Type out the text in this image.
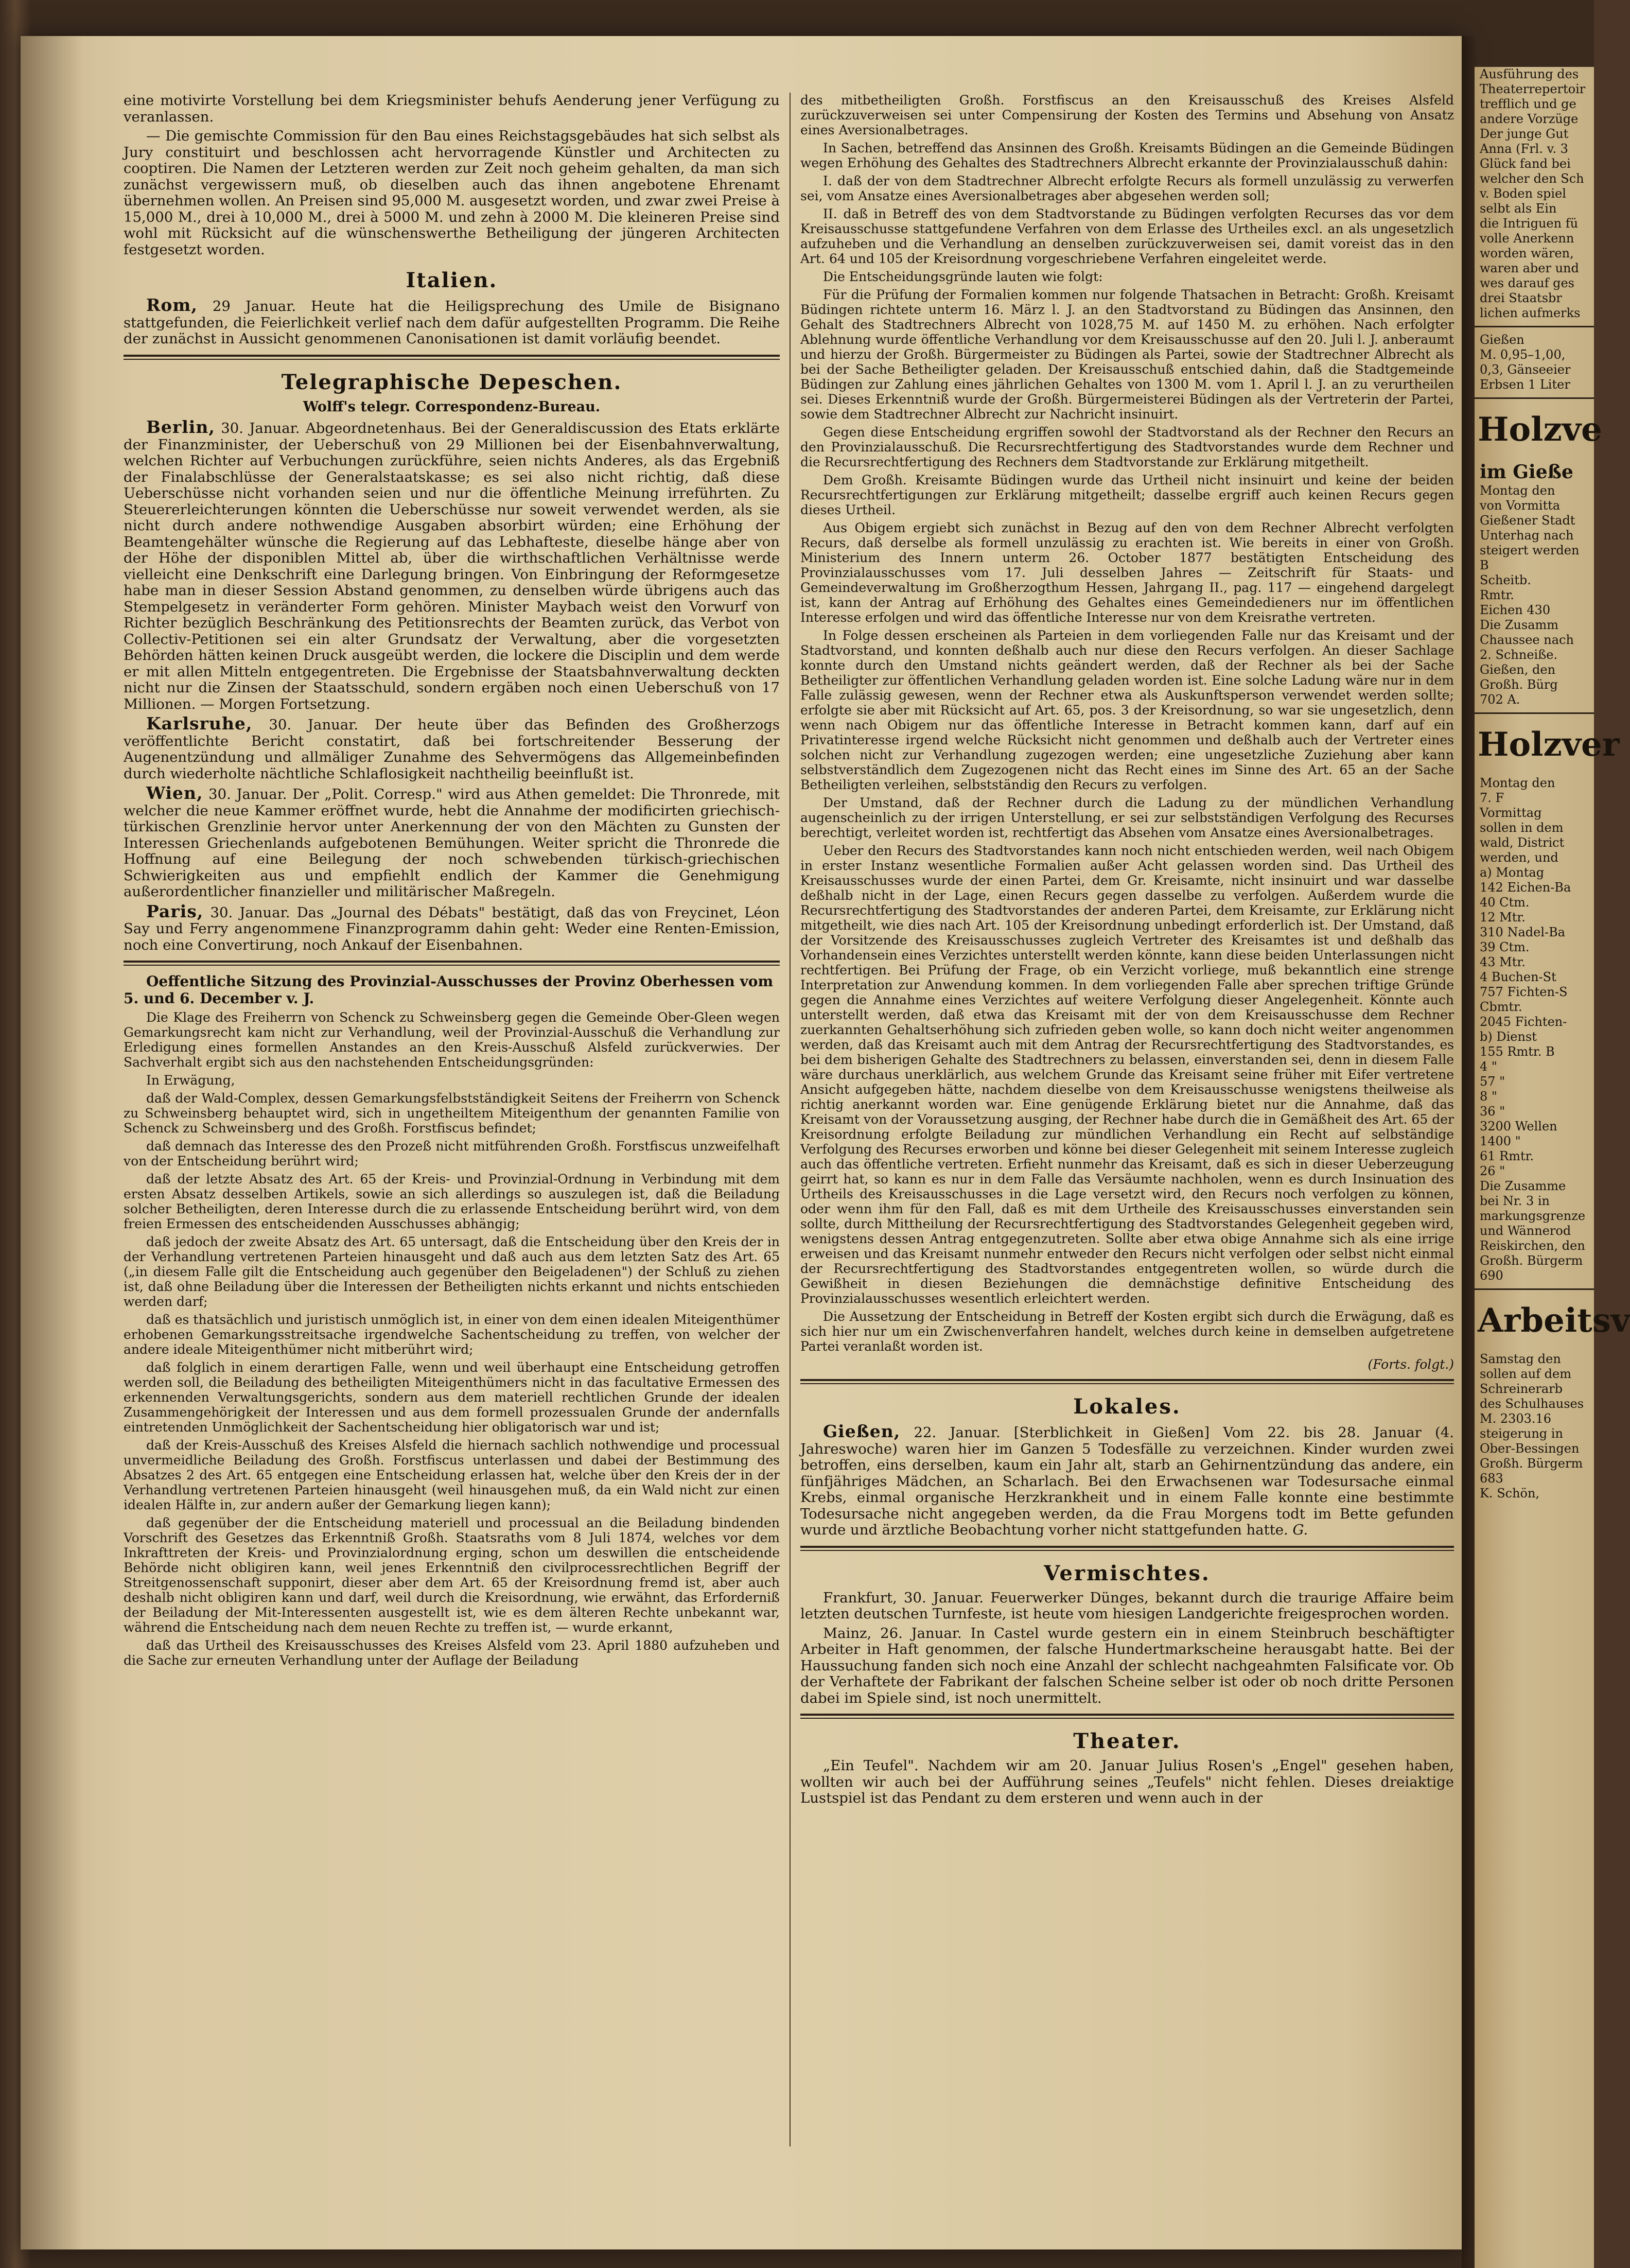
eine motivirte Vorstellung bei dem Kriegsminister behufs Aenderung jener Verfügung zu veranlassen.

— Die gemischte Commission für den Bau eines Reichstagsgebäudes hat sich selbst als Jury constituirt und beschlossen acht hervorragende Künstler und Architecten zu cooptiren. Die Namen der Letzteren werden zur Zeit noch geheim gehalten, da man sich zunächst vergewissern muß, ob dieselben auch das ihnen angebotene Ehrenamt übernehmen wollen. An Preisen sind 95,000 M. ausgesetzt worden, und zwar zwei Preise à 15,000 M., drei à 10,000 M., drei à 5000 M. und zehn à 2000 M. Die kleineren Preise sind wohl mit Rücksicht auf die wünschenswerthe Betheiligung der jüngeren Architecten festgesetzt worden.

Italien.

Rom, 29 Januar. Heute hat die Heiligsprechung des Umile de Bisignano stattgefunden, die Feierlichkeit verlief nach dem dafür aufgestellten Programm. Die Reihe der zunächst in Aussicht genommenen Canonisationen ist damit vorläufig beendet.

Telegraphische Depeschen.
Wolff's telegr. Correspondenz-Bureau.

Berlin, 30. Januar. Abgeordnetenhaus. Bei der Generaldiscussion des Etats erklärte der Finanzminister, der Ueberschuß von 29 Millionen bei der Eisenbahnverwaltung, welchen Richter auf Verbuchungen zurückführe, seien nichts Anderes, als das Ergebniß der Finalabschlüsse der Generalstaatskasse; es sei also nicht richtig, daß diese Ueberschüsse nicht vorhanden seien und nur die öffentliche Meinung irreführten. Zu Steuererleichterungen könnten die Ueberschüsse nur soweit verwendet werden, als sie nicht durch andere nothwendige Ausgaben absorbirt würden; eine Erhöhung der Beamtengehälter wünsche die Regierung auf das Lebhafteste, dieselbe hänge aber von der Höhe der disponiblen Mittel ab, über die wirthschaftlichen Verhältnisse werde vielleicht eine Denkschrift eine Darlegung bringen. Von Einbringung der Reformgesetze habe man in dieser Session Abstand genommen, zu denselben würde übrigens auch das Stempelgesetz in veränderter Form gehören. Minister Maybach weist den Vorwurf von Richter bezüglich Beschränkung des Petitionsrechts der Beamten zurück, das Verbot von Collectiv-Petitionen sei ein alter Grundsatz der Verwaltung, aber die vorgesetzten Behörden hätten keinen Druck ausgeübt werden, die lockere die Disciplin und dem werde er mit allen Mitteln entgegentreten. Die Ergebnisse der Staatsbahnverwaltung deckten nicht nur die Zinsen der Staatsschuld, sondern ergäben noch einen Ueberschuß von 17 Millionen. — Morgen Fortsetzung.

Karlsruhe, 30. Januar. Der heute über das Befinden des Großherzogs veröffentlichte Bericht constatirt, daß bei fortschreitender Besserung der Augenentzündung und allmäliger Zunahme des Sehvermögens das Allgemeinbefinden durch wiederholte nächtliche Schlaflosigkeit nachtheilig beeinflußt ist.

Wien, 30. Januar. Der „Polit. Corresp." wird aus Athen gemeldet: Die Thronrede, mit welcher die neue Kammer eröffnet wurde, hebt die Annahme der modificirten griechisch-türkischen Grenzlinie hervor unter Anerkennung der von den Mächten zu Gunsten der Interessen Griechenlands aufgebotenen Bemühungen. Weiter spricht die Thronrede die Hoffnung auf eine Beilegung der noch schwebenden türkisch-griechischen Schwierigkeiten aus und empfiehlt endlich der Kammer die Genehmigung außerordentlicher finanzieller und militärischer Maßregeln.

Paris, 30. Januar. Das „Journal des Débats" bestätigt, daß das von Freycinet, Léon Say und Ferry angenommene Finanzprogramm dahin geht: Weder eine Renten-Emission, noch eine Convertirung, noch Ankauf der Eisenbahnen.

Oeffentliche Sitzung des Provinzial-Ausschusses der Provinz Oberhessen vom 5. und 6. December v. J.

Die Klage des Freiherrn von Schenck zu Schweinsberg gegen die Gemeinde Ober-Gleen wegen Gemarkungsrecht kam nicht zur Verhandlung, weil der Provinzial-Ausschuß die Verhandlung zur Erledigung eines formellen Anstandes an den Kreis-Ausschuß Alsfeld zurückverwies. Der Sachverhalt ergibt sich aus den nachstehenden Entscheidungsgründen:

In Erwägung,

daß der Wald-Complex, dessen Gemarkungsfelbstständigkeit Seitens der Freiherrn von Schenck zu Schweinsberg behauptet wird, sich in ungetheiltem Miteigenthum der genannten Familie von Schenck zu Schweinsberg und des Großh. Forstfiscus befindet;

daß demnach das Interesse des den Prozeß nicht mitführenden Großh. Forstfiscus unzweifelhaft von der Entscheidung berührt wird;

daß der letzte Absatz des Art. 65 der Kreis- und Provinzial-Ordnung in Verbindung mit dem ersten Absatz desselben Artikels, sowie an sich allerdings so auszulegen ist, daß die Beiladung solcher Betheiligten, deren Interesse durch die zu erlassende Entscheidung berührt wird, von dem freien Ermessen des entscheidenden Ausschusses abhängig;

daß jedoch der zweite Absatz des Art. 65 untersagt, daß die Entscheidung über den Kreis der in der Verhandlung vertretenen Parteien hinausgeht und daß auch aus dem letzten Satz des Art. 65 („in diesem Falle gilt die Entscheidung auch gegenüber den Beigeladenen") der Schluß zu ziehen ist, daß ohne Beiladung über die Interessen der Betheiligten nichts erkannt und nichts entschieden werden darf;

daß es thatsächlich und juristisch unmöglich ist, in einer von dem einen idealen Miteigenthümer erhobenen Gemarkungsstreitsache irgendwelche Sachentscheidung zu treffen, von welcher der andere ideale Miteigenthümer nicht mitberührt wird;

daß folglich in einem derartigen Falle, wenn und weil überhaupt eine Entscheidung getroffen werden soll, die Beiladung des betheiligten Miteigenthümers nicht in das facultative Ermessen des erkennenden Verwaltungsgerichts, sondern aus dem materiell rechtlichen Grunde der idealen Zusammengehörigkeit der Interessen und aus dem formell prozessualen Grunde der andernfalls eintretenden Unmöglichkeit der Sachentscheidung hier obligatorisch war und ist;

daß der Kreis-Ausschuß des Kreises Alsfeld die hiernach sachlich nothwendige und processual unvermeidliche Beiladung des Großh. Forstfiscus unterlassen und dabei der Bestimmung des Absatzes 2 des Art. 65 entgegen eine Entscheidung erlassen hat, welche über den Kreis der in der Verhandlung vertretenen Parteien hinausgeht (weil hinausgehen muß, da ein Wald nicht zur einen idealen Hälfte in, zur andern außer der Gemarkung liegen kann);

daß gegenüber der die Entscheidung materiell und processual an die Beiladung bindenden Vorschrift des Gesetzes das Erkenntniß Großh. Staatsraths vom 8 Juli 1874, welches vor dem Inkrafttreten der Kreis- und Provinzialordnung erging, schon um deswillen die entscheidende Behörde nicht obligiren kann, weil jenes Erkenntniß den civilprocessrechtlichen Begriff der Streitgenossenschaft supponirt, dieser aber dem Art. 65 der Kreisordnung fremd ist, aber auch deshalb nicht obligiren kann und darf, weil durch die Kreisordnung, wie erwähnt, das Erforderniß der Beiladung der Mit-Interessenten ausgestellt ist, wie es dem älteren Rechte unbekannt war, während die Entscheidung nach dem neuen Rechte zu treffen ist, — wurde erkannt,

daß das Urtheil des Kreisausschusses des Kreises Alsfeld vom 23. April 1880 aufzuheben und die Sache zur erneuten Verhandlung unter der Auflage der Beiladung

des mitbetheiligten Großh. Forstfiscus an den Kreisausschuß des Kreises Alsfeld zurückzuverweisen sei unter Compensirung der Kosten des Termins und Absehung von Ansatz eines Aversionalbetrages.

In Sachen, betreffend das Ansinnen des Großh. Kreisamts Büdingen an die Gemeinde Büdingen wegen Erhöhung des Gehaltes des Stadtrechners Albrecht erkannte der Provinzialausschuß dahin:

I. daß der von dem Stadtrechner Albrecht erfolgte Recurs als formell unzulässig zu verwerfen sei, vom Ansatze eines Aversionalbetrages aber abgesehen werden soll;

II. daß in Betreff des von dem Stadtvorstande zu Büdingen verfolgten Recurses das vor dem Kreisausschusse stattgefundene Verfahren von dem Erlasse des Urtheiles excl. an als ungesetzlich aufzuheben und die Verhandlung an denselben zurückzuverweisen sei, damit voreist das in den Art. 64 und 105 der Kreisordnung vorgeschriebene Verfahren eingeleitet werde.

Die Entscheidungsgründe lauten wie folgt:

Für die Prüfung der Formalien kommen nur folgende Thatsachen in Betracht: Großh. Kreisamt Büdingen richtete unterm 16. März l. J. an den Stadtvorstand zu Büdingen das Ansinnen, den Gehalt des Stadtrechners Albrecht von 1028,75 M. auf 1450 M. zu erhöhen. Nach erfolgter Ablehnung wurde öffentliche Verhandlung vor dem Kreisausschusse auf den 20. Juli l. J. anberaumt und hierzu der Großh. Bürgermeister zu Büdingen als Partei, sowie der Stadtrechner Albrecht als bei der Sache Betheiligter geladen. Der Kreisausschuß entschied dahin, daß die Stadtgemeinde Büdingen zur Zahlung eines jährlichen Gehaltes von 1300 M. vom 1. April l. J. an zu verurtheilen sei. Dieses Erkenntniß wurde der Großh. Bürgermeisterei Büdingen als der Vertreterin der Partei, sowie dem Stadtrechner Albrecht zur Nachricht insinuirt.

Gegen diese Entscheidung ergriffen sowohl der Stadtvorstand als der Rechner den Recurs an den Provinzialausschuß. Die Recursrechtfertigung des Stadtvorstandes wurde dem Rechner und die Recursrechtfertigung des Rechners dem Stadtvorstande zur Erklärung mitgetheilt.

Dem Großh. Kreisamte Büdingen wurde das Urtheil nicht insinuirt und keine der beiden Recursrechtfertigungen zur Erklärung mitgetheilt; dasselbe ergriff auch keinen Recurs gegen dieses Urtheil.

Aus Obigem ergiebt sich zunächst in Bezug auf den von dem Rechner Albrecht verfolgten Recurs, daß derselbe als formell unzulässig zu erachten ist. Wie bereits in einer von Großh. Ministerium des Innern unterm 26. October 1877 bestätigten Entscheidung des Provinzialausschusses vom 17. Juli desselben Jahres — Zeitschrift für Staats- und Gemeindeverwaltung im Großherzogthum Hessen, Jahrgang II., pag. 117 — eingehend dargelegt ist, kann der Antrag auf Erhöhung des Gehaltes eines Gemeindedieners nur im öffentlichen Interesse erfolgen und wird das öffentliche Interesse nur von dem Kreisrathe vertreten.

In Folge dessen erscheinen als Parteien in dem vorliegenden Falle nur das Kreisamt und der Stadtvorstand, und konnten deßhalb auch nur diese den Recurs verfolgen. An dieser Sachlage konnte durch den Umstand nichts geändert werden, daß der Rechner als bei der Sache Betheiligter zur öffentlichen Verhandlung geladen worden ist. Eine solche Ladung wäre nur in dem Falle zulässig gewesen, wenn der Rechner etwa als Auskunftsperson verwendet werden sollte; erfolgte sie aber mit Rücksicht auf Art. 65, pos. 3 der Kreisordnung, so war sie ungesetzlich, denn wenn nach Obigem nur das öffentliche Interesse in Betracht kommen kann, darf auf ein Privatinteresse irgend welche Rücksicht nicht genommen und deßhalb auch der Vertreter eines solchen nicht zur Verhandlung zugezogen werden; eine ungesetzliche Zuziehung aber kann selbstverständlich dem Zugezogenen nicht das Recht eines im Sinne des Art. 65 an der Sache Betheiligten verleihen, selbstständig den Recurs zu verfolgen.

Der Umstand, daß der Rechner durch die Ladung zu der mündlichen Verhandlung augenscheinlich zu der irrigen Unterstellung, er sei zur selbstständigen Verfolgung des Recurses berechtigt, verleitet worden ist, rechtfertigt das Absehen vom Ansatze eines Aversionalbetrages.

Ueber den Recurs des Stadtvorstandes kann noch nicht entschieden werden, weil nach Obigem in erster Instanz wesentliche Formalien außer Acht gelassen worden sind. Das Urtheil des Kreisausschusses wurde der einen Partei, dem Gr. Kreisamte, nicht insinuirt und war dasselbe deßhalb nicht in der Lage, einen Recurs gegen dasselbe zu verfolgen. Außerdem wurde die Recursrechtfertigung des Stadtvorstandes der anderen Partei, dem Kreisamte, zur Erklärung nicht mitgetheilt, wie dies nach Art. 105 der Kreisordnung unbedingt erforderlich ist. Der Umstand, daß der Vorsitzende des Kreisausschusses zugleich Vertreter des Kreisamtes ist und deßhalb das Vorhandensein eines Verzichtes unterstellt werden könnte, kann diese beiden Unterlassungen nicht rechtfertigen. Bei Prüfung der Frage, ob ein Verzicht vorliege, muß bekanntlich eine strenge Interpretation zur Anwendung kommen. In dem vorliegenden Falle aber sprechen triftige Gründe gegen die Annahme eines Verzichtes auf weitere Verfolgung dieser Angelegenheit. Könnte auch unterstellt werden, daß etwa das Kreisamt mit der von dem Kreisausschusse dem Rechner zuerkannten Gehaltserhöhung sich zufrieden geben wolle, so kann doch nicht weiter angenommen werden, daß das Kreisamt auch mit dem Antrag der Recursrechtfertigung des Stadtvorstandes, es bei dem bisherigen Gehalte des Stadtrechners zu belassen, einverstanden sei, denn in diesem Falle wäre durchaus unerklärlich, aus welchem Grunde das Kreisamt seine früher mit Eifer vertretene Ansicht aufgegeben hätte, nachdem dieselbe von dem Kreisausschusse wenigstens theilweise als richtig anerkannt worden war. Eine genügende Erklärung bietet nur die Annahme, daß das Kreisamt von der Voraussetzung ausging, der Rechner habe durch die in Gemäßheit des Art. 65 der Kreisordnung erfolgte Beiladung zur mündlichen Verhandlung ein Recht auf selbständige Verfolgung des Recurses erworben und könne bei dieser Gelegenheit mit seinem Interesse zugleich auch das öffentliche vertreten. Erfieht nunmehr das Kreisamt, daß es sich in dieser Ueberzeugung geirrt hat, so kann es nur in dem Falle das Versäumte nachholen, wenn es durch Insinuation des Urtheils des Kreisausschusses in die Lage versetzt wird, den Recurs noch verfolgen zu können, oder wenn ihm für den Fall, daß es mit dem Urtheile des Kreisausschusses einverstanden sein sollte, durch Mittheilung der Recursrechtfertigung des Stadtvorstandes Gelegenheit gegeben wird, wenigstens dessen Antrag entgegenzutreten. Sollte aber etwa obige Annahme sich als eine irrige erweisen und das Kreisamt nunmehr entweder den Recurs nicht verfolgen oder selbst nicht einmal der Recursrechtfertigung des Stadtvorstandes entgegentreten wollen, so würde durch die Gewißheit in diesen Beziehungen die demnächstige definitive Entscheidung des Provinzialausschusses wesentlich erleichtert werden.

Die Aussetzung der Entscheidung in Betreff der Kosten ergibt sich durch die Erwägung, daß es sich hier nur um ein Zwischenverfahren handelt, welches durch keine in demselben aufgetretene Partei veranlaßt worden ist.

(Forts. folgt.)

Lokales.

Gießen, 22. Januar. [Sterblichkeit in Gießen] Vom 22. bis 28. Januar (4. Jahreswoche) waren hier im Ganzen 5 Todesfälle zu verzeichnen. Kinder wurden zwei betroffen, eins derselben, kaum ein Jahr alt, starb an Gehirnentzündung das andere, ein fünfjähriges Mädchen, an Scharlach. Bei den Erwachsenen war Todesursache einmal Krebs, einmal organische Herzkrankheit und in einem Falle konnte eine bestimmte Todesursache nicht angegeben werden, da die Frau Morgens todt im Bette gefunden wurde und ärztliche Beobachtung vorher nicht stattgefunden hatte. G.

Vermischtes.

Frankfurt, 30. Januar. Feuerwerker Dünges, bekannt durch die traurige Affaire beim letzten deutschen Turnfeste, ist heute vom hiesigen Landgerichte freigesprochen worden.

Mainz, 26. Januar. In Castel wurde gestern ein in einem Steinbruch beschäftigter Arbeiter in Haft genommen, der falsche Hundertmarkscheine herausgabt hatte. Bei der Haussuchung fanden sich noch eine Anzahl der schlecht nachgeahmten Falsificate vor. Ob der Verhaftete der Fabrikant der falschen Scheine selber ist oder ob noch dritte Personen dabei im Spiele sind, ist noch unermittelt.

Theater.

„Ein Teufel". Nachdem wir am 20. Januar Julius Rosen's „Engel" gesehen haben, wollten wir auch bei der Aufführung seines „Teufels" nicht fehlen. Dieses dreiaktige Lustspiel ist das Pendant zu dem ersteren und wenn auch in der

Ausführung des
Theaterrepertoir
trefflich und ge
andere Vorzüge
Der junge Gut
Anna (Frl. v. 3
Glück fand bei
welcher den Sch
v. Boden spiel
selbt als Ein
die Intriguen fü
volle Anerkenn
worden wären,
waren aber und
wes darauf ges
drei Staatsbr
lichen aufmerks
Gießen
M. 0,95–1,00,
0,3, Gänseeier
Erbsen 1 Liter
Holzve
im Gieße
Montag den
von Vormitta
Gießener Stadt
Unterhag nach
steigert werden
B
Scheitb.
Rmtr.
Eichen 430
Die Zusamm
Chaussee nach
2. Schneiße.
Gießen, den
Großh. Bürg
702 A.
Holzver
Montag den
7. F
Vormittag
sollen in dem
wald, District
werden, und
a) Montag
142 Eichen-Ba
40 Ctm.
12 Mtr.
310 Nadel-Ba
39 Ctm.
43 Mtr.
4 Buchen-St
757 Fichten-S
Cbmtr.
2045 Fichten-
b) Dienst
155 Rmtr. B
4 "
57 "
8 "
36 "
3200 Wellen
1400 "
61 Rmtr.
26 "
Die Zusamme
bei Nr. 3 in
markungsgrenze
und Wännerod
Reiskirchen, den
Großh. Bürgerm
690
Arbeitsv
Samstag den
sollen auf dem
Schreinerarb
des Schulhauses
M. 2303.16
steigerung in
Ober-Bessingen
Großh. Bürgerm
683
K. Schön,
